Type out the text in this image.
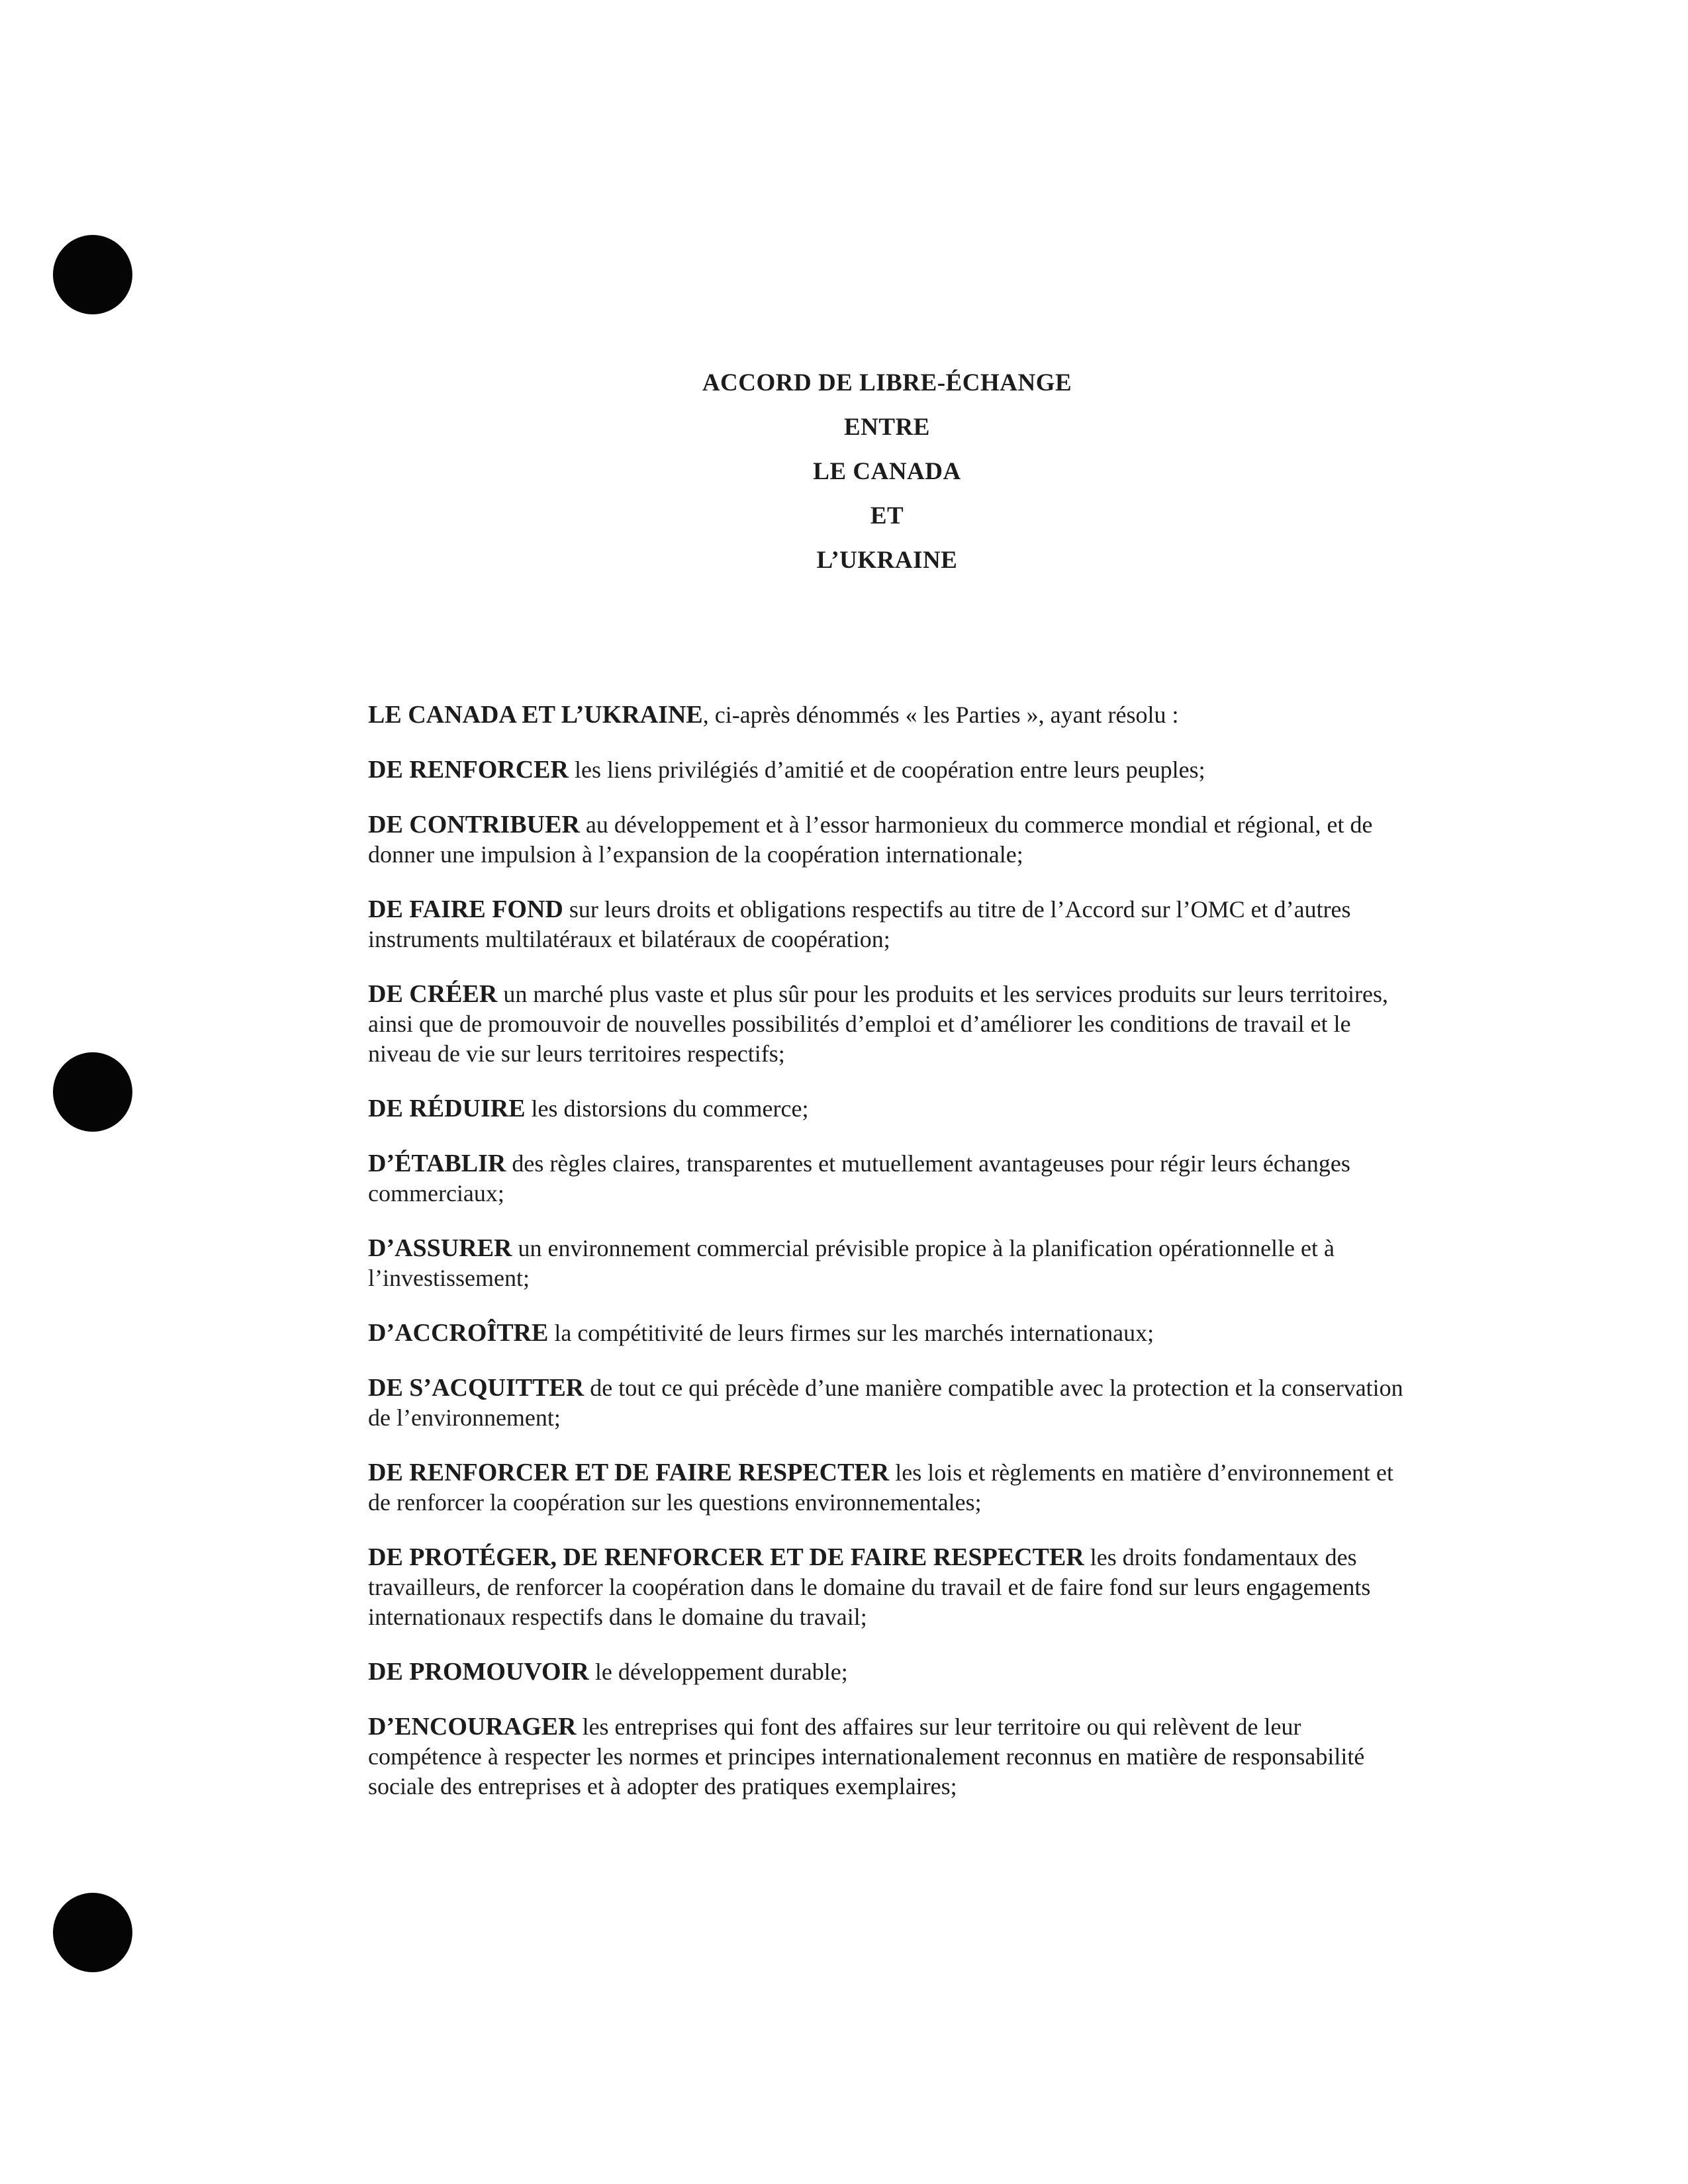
ACCORD DE LIBRE-ÉCHANGE
ENTRE
LE CANADA
ET
L’UKRAINE

LE CANADA ET L’UKRAINE, ci-après dénommés « les Parties », ayant résolu :

DE RENFORCER les liens privilégiés d’amitié et de coopération entre leurs peuples;

DE CONTRIBUER au développement et à l’essor harmonieux du commerce mondial et régional, et de donner une impulsion à l’expansion de la coopération internationale;

DE FAIRE FOND sur leurs droits et obligations respectifs au titre de l’Accord sur l’OMC et d’autres instruments multilatéraux et bilatéraux de coopération;

DE CRÉER un marché plus vaste et plus sûr pour les produits et les services produits sur leurs territoires, ainsi que de promouvoir de nouvelles possibilités d’emploi et d’améliorer les conditions de travail et le niveau de vie sur leurs territoires respectifs;

DE RÉDUIRE les distorsions du commerce;

D’ÉTABLIR des règles claires, transparentes et mutuellement avantageuses pour régir leurs échanges commerciaux;

D’ASSURER un environnement commercial prévisible propice à la planification opérationnelle et à l’investissement;

D’ACCROÎTRE la compétitivité de leurs firmes sur les marchés internationaux;

DE S’ACQUITTER de tout ce qui précède d’une manière compatible avec la protection et la conservation de l’environnement;

DE RENFORCER ET DE FAIRE RESPECTER les lois et règlements en matière d’environnement et de renforcer la coopération sur les questions environnementales;

DE PROTÉGER, DE RENFORCER ET DE FAIRE RESPECTER les droits fondamentaux des travailleurs, de renforcer la coopération dans le domaine du travail et de faire fond sur leurs engagements internationaux respectifs dans le domaine du travail;

DE PROMOUVOIR le développement durable;

D’ENCOURAGER les entreprises qui font des affaires sur leur territoire ou qui relèvent de leur compétence à respecter les normes et principes internationalement reconnus en matière de responsabilité sociale des entreprises et à adopter des pratiques exemplaires;
